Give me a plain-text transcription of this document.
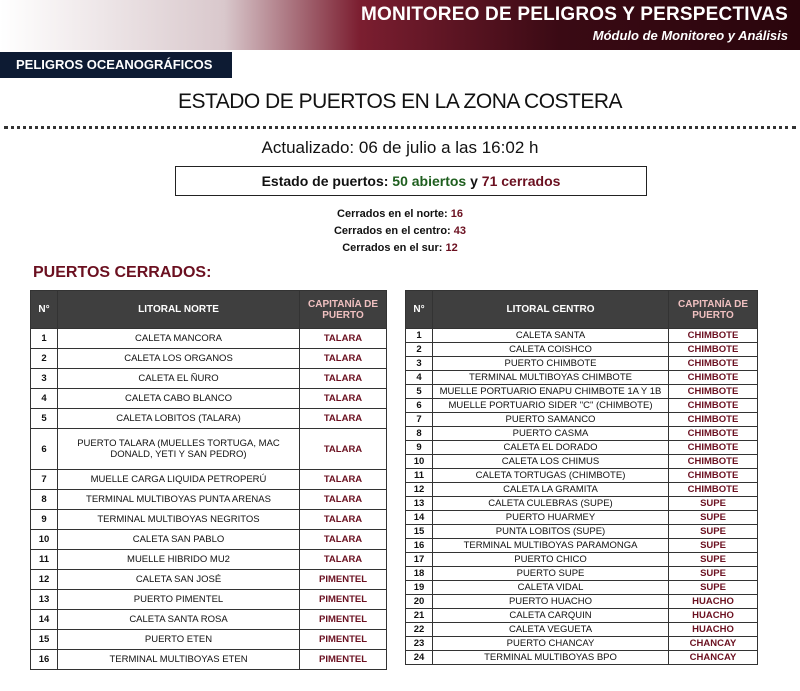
MONITOREO DE PELIGROS Y PERSPECTIVAS
Módulo de Monitoreo y Análisis
PELIGROS OCEANOGRÁFICOS
ESTADO DE PUERTOS EN LA ZONA COSTERA
Actualizado: 06 de julio a las 16:02 h
Estado de puertos: 50 abiertos y 71 cerrados
Cerrados en el norte: 16
Cerrados en el centro: 43
Cerrados en el sur: 12
PUERTOS CERRADOS:
N°	LITORAL NORTE	CAPITANÍA DE PUERTO
1	CALETA MANCORA	TALARA
2	CALETA LOS ORGANOS	TALARA
3	CALETA EL ÑURO	TALARA
4	CALETA CABO BLANCO	TALARA
5	CALETA LOBITOS (TALARA)	TALARA
6	PUERTO TALARA (MUELLES TORTUGA, MAC DONALD, YETI Y SAN PEDRO)	TALARA
7	MUELLE CARGA LIQUIDA PETROPERÚ	TALARA
8	TERMINAL MULTIBOYAS PUNTA ARENAS	TALARA
9	TERMINAL MULTIBOYAS NEGRITOS	TALARA
10	CALETA SAN PABLO	TALARA
11	MUELLE HIBRIDO MU2	TALARA
12	CALETA SAN JOSÉ	PIMENTEL
13	PUERTO PIMENTEL	PIMENTEL
14	CALETA SANTA ROSA	PIMENTEL
15	PUERTO ETEN	PIMENTEL
16	TERMINAL MULTIBOYAS ETEN	PIMENTEL
N°	LITORAL CENTRO	CAPITANÍA DE PUERTO
1	CALETA SANTA	CHIMBOTE
2	CALETA COISHCO	CHIMBOTE
3	PUERTO CHIMBOTE	CHIMBOTE
4	TERMINAL MULTIBOYAS CHIMBOTE	CHIMBOTE
5	MUELLE PORTUARIO ENAPU CHIMBOTE 1A Y 1B	CHIMBOTE
6	MUELLE PORTUARIO SIDER "C" (CHIMBOTE)	CHIMBOTE
7	PUERTO SAMANCO	CHIMBOTE
8	PUERTO CASMA	CHIMBOTE
9	CALETA EL DORADO	CHIMBOTE
10	CALETA LOS CHIMUS	CHIMBOTE
11	CALETA TORTUGAS (CHIMBOTE)	CHIMBOTE
12	CALETA LA GRAMITA	CHIMBOTE
13	CALETA CULEBRAS (SUPE)	SUPE
14	PUERTO HUARMEY	SUPE
15	PUNTA LOBITOS (SUPE)	SUPE
16	TERMINAL MULTIBOYAS PARAMONGA	SUPE
17	PUERTO CHICO	SUPE
18	PUERTO SUPE	SUPE
19	CALETA VIDAL	SUPE
20	PUERTO HUACHO	HUACHO
21	CALETA CARQUIN	HUACHO
22	CALETA VEGUETA	HUACHO
23	PUERTO CHANCAY	CHANCAY
24	TERMINAL MULTIBOYAS BPO	CHANCAY
